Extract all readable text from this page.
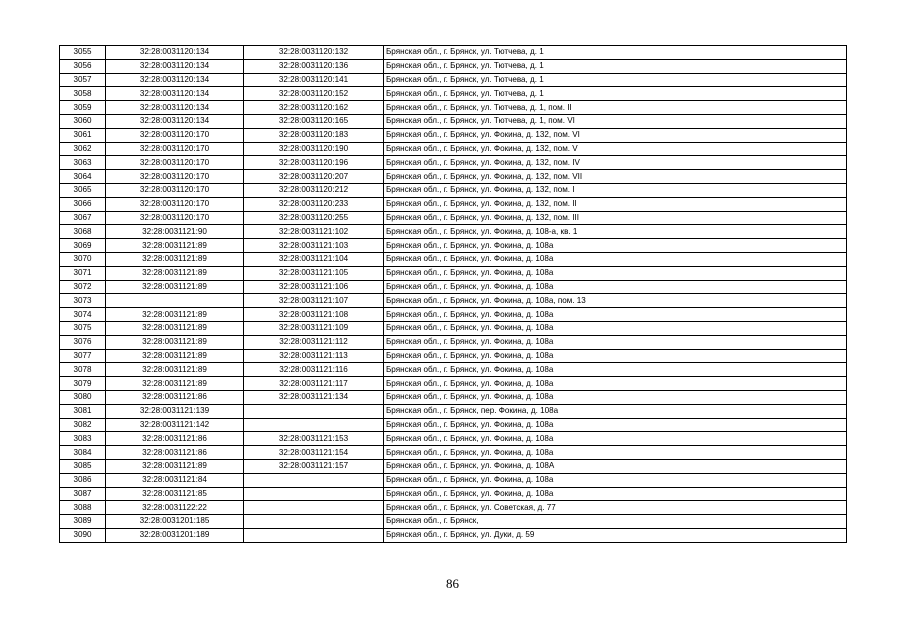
3055	32:28:0031120:134	32:28:0031120:132	Брянская обл., г. Брянск, ул. Тютчева, д. 1
3056	32:28:0031120:134	32:28:0031120:136	Брянская обл., г. Брянск, ул. Тютчева, д. 1
3057	32:28:0031120:134	32:28:0031120:141	Брянская обл., г. Брянск, ул. Тютчева, д. 1
3058	32:28:0031120:134	32:28:0031120:152	Брянская обл., г. Брянск, ул. Тютчева, д. 1
3059	32:28:0031120:134	32:28:0031120:162	Брянская обл., г. Брянск, ул. Тютчева, д. 1, пом. II
3060	32:28:0031120:134	32:28:0031120:165	Брянская обл., г. Брянск, ул. Тютчева, д. 1, пом. VI
3061	32:28:0031120:170	32:28:0031120:183	Брянская обл., г. Брянск, ул. Фокина, д. 132, пом. VI
3062	32:28:0031120:170	32:28:0031120:190	Брянская обл., г. Брянск, ул. Фокина, д. 132, пом. V
3063	32:28:0031120:170	32:28:0031120:196	Брянская обл., г. Брянск, ул. Фокина, д. 132, пом. IV
3064	32:28:0031120:170	32:28:0031120:207	Брянская обл., г. Брянск, ул. Фокина, д. 132, пом. VII
3065	32:28:0031120:170	32:28:0031120:212	Брянская обл., г. Брянск, ул. Фокина, д. 132, пом. I
3066	32:28:0031120:170	32:28:0031120:233	Брянская обл., г. Брянск, ул. Фокина, д. 132, пом. II
3067	32:28:0031120:170	32:28:0031120:255	Брянская обл., г. Брянск, ул. Фокина, д. 132, пом. III
3068	32:28:0031121:90	32:28:0031121:102	Брянская обл., г. Брянск, ул. Фокина, д. 108-а, кв. 1
3069	32:28:0031121:89	32:28:0031121:103	Брянская обл., г. Брянск, ул. Фокина, д. 108а
3070	32:28:0031121:89	32:28:0031121:104	Брянская обл., г. Брянск, ул. Фокина, д. 108а
3071	32:28:0031121:89	32:28:0031121:105	Брянская обл., г. Брянск, ул. Фокина, д. 108а
3072	32:28:0031121:89	32:28:0031121:106	Брянская обл., г. Брянск, ул. Фокина, д. 108а
3073		32:28:0031121:107	Брянская обл., г. Брянск, ул. Фокина, д. 108а, пом. 13
3074	32:28:0031121:89	32:28:0031121:108	Брянская обл., г. Брянск, ул. Фокина, д. 108а
3075	32:28:0031121:89	32:28:0031121:109	Брянская обл., г. Брянск, ул. Фокина, д. 108а
3076	32:28:0031121:89	32:28:0031121:112	Брянская обл., г. Брянск, ул. Фокина, д. 108а
3077	32:28:0031121:89	32:28:0031121:113	Брянская обл., г. Брянск, ул. Фокина, д. 108а
3078	32:28:0031121:89	32:28:0031121:116	Брянская обл., г. Брянск, ул. Фокина, д. 108а
3079	32:28:0031121:89	32:28:0031121:117	Брянская обл., г. Брянск, ул. Фокина, д. 108а
3080	32:28:0031121:86	32:28:0031121:134	Брянская обл., г. Брянск, ул. Фокина, д. 108а
3081	32:28:0031121:139		Брянская обл., г. Брянск, пер. Фокина, д. 108а
3082	32:28:0031121:142		Брянская обл., г. Брянск, ул. Фокина, д. 108а
3083	32:28:0031121:86	32:28:0031121:153	Брянская обл., г. Брянск, ул. Фокина, д. 108а
3084	32:28:0031121:86	32:28:0031121:154	Брянская обл., г. Брянск, ул. Фокина, д. 108а
3085	32:28:0031121:89	32:28:0031121:157	Брянская обл., г. Брянск, ул. Фокина, д. 108А
3086	32:28:0031121:84		Брянская обл., г. Брянск, ул. Фокина, д. 108а
3087	32:28:0031121:85		Брянская обл., г. Брянск, ул. Фокина, д. 108а
3088	32:28:0031122:22		Брянская обл., г. Брянск, ул. Советская, д. 77
3089	32:28:0031201:185		Брянская обл., г. Брянск,
3090	32:28:0031201:189		Брянская обл., г. Брянск, ул. Дуки, д. 59
86
